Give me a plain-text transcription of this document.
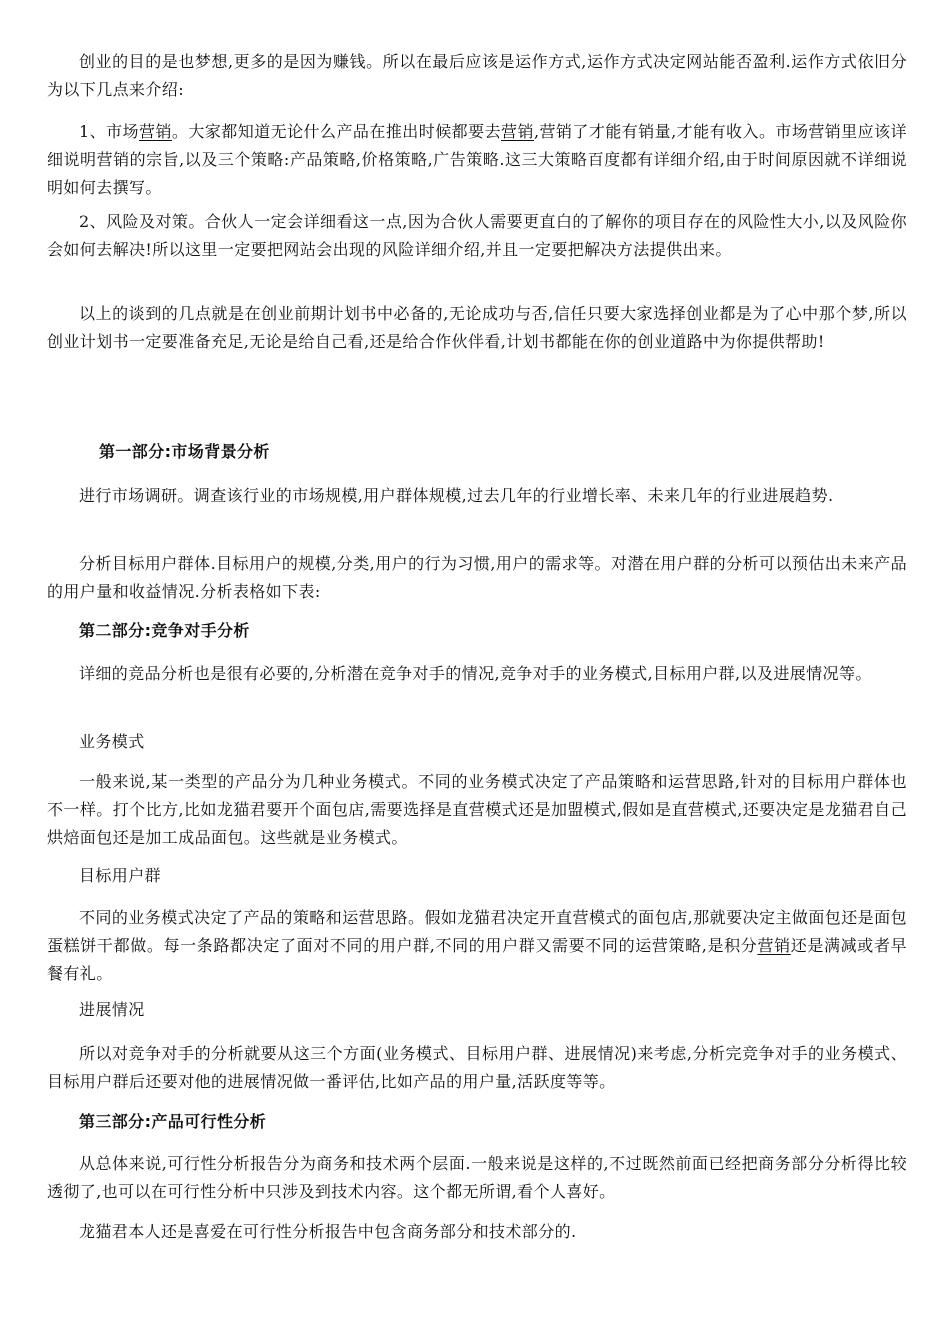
创业的目的是也梦想,更多的是因为赚钱。所以在最后应该是运作方式,运作方式决定网站能否盈利.运作方式依旧分为以下几点来介绍:

1、市场营销。大家都知道无论什么产品在推出时候都要去营销,营销了才能有销量,才能有收入。市场营销里应该详细说明营销的宗旨,以及三个策略:产品策略,价格策略,广告策略.这三大策略百度都有详细介绍,由于时间原因就不详细说明如何去撰写。

2、风险及对策。合伙人一定会详细看这一点,因为合伙人需要更直白的了解你的项目存在的风险性大小,以及风险你会如何去解决!所以这里一定要把网站会出现的风险详细介绍,并且一定要把解决方法提供出来。

以上的谈到的几点就是在创业前期计划书中必备的,无论成功与否,信任只要大家选择创业都是为了心中那个梦,所以创业计划书一定要准备充足,无论是给自己看,还是给合作伙伴看,计划书都能在你的创业道路中为你提供帮助!

第一部分:市场背景分析

进行市场调研。调查该行业的市场规模,用户群体规模,过去几年的行业增长率、未来几年的行业进展趋势.

分析目标用户群体.目标用户的规模,分类,用户的行为习惯,用户的需求等。对潜在用户群的分析可以预估出未来产品的用户量和收益情况.分析表格如下表:

第二部分:竞争对手分析

详细的竞品分析也是很有必要的,分析潜在竞争对手的情况,竞争对手的业务模式,目标用户群,以及进展情况等。

业务模式

一般来说,某一类型的产品分为几种业务模式。不同的业务模式决定了产品策略和运营思路,针对的目标用户群体也不一样。打个比方,比如龙猫君要开个面包店,需要选择是直营模式还是加盟模式,假如是直营模式,还要决定是龙猫君自己烘焙面包还是加工成品面包。这些就是业务模式。

目标用户群

不同的业务模式决定了产品的策略和运营思路。假如龙猫君决定开直营模式的面包店,那就要决定主做面包还是面包蛋糕饼干都做。每一条路都决定了面对不同的用户群,不同的用户群又需要不同的运营策略,是积分营销还是满减或者早餐有礼。

进展情况

所以对竞争对手的分析就要从这三个方面(业务模式、目标用户群、进展情况)来考虑,分析完竞争对手的业务模式、目标用户群后还要对他的进展情况做一番评估,比如产品的用户量,活跃度等等。

第三部分:产品可行性分析

从总体来说,可行性分析报告分为商务和技术两个层面.一般来说是这样的,不过既然前面已经把商务部分分析得比较透彻了,也可以在可行性分析中只涉及到技术内容。这个都无所谓,看个人喜好。

龙猫君本人还是喜爱在可行性分析报告中包含商务部分和技术部分的.
